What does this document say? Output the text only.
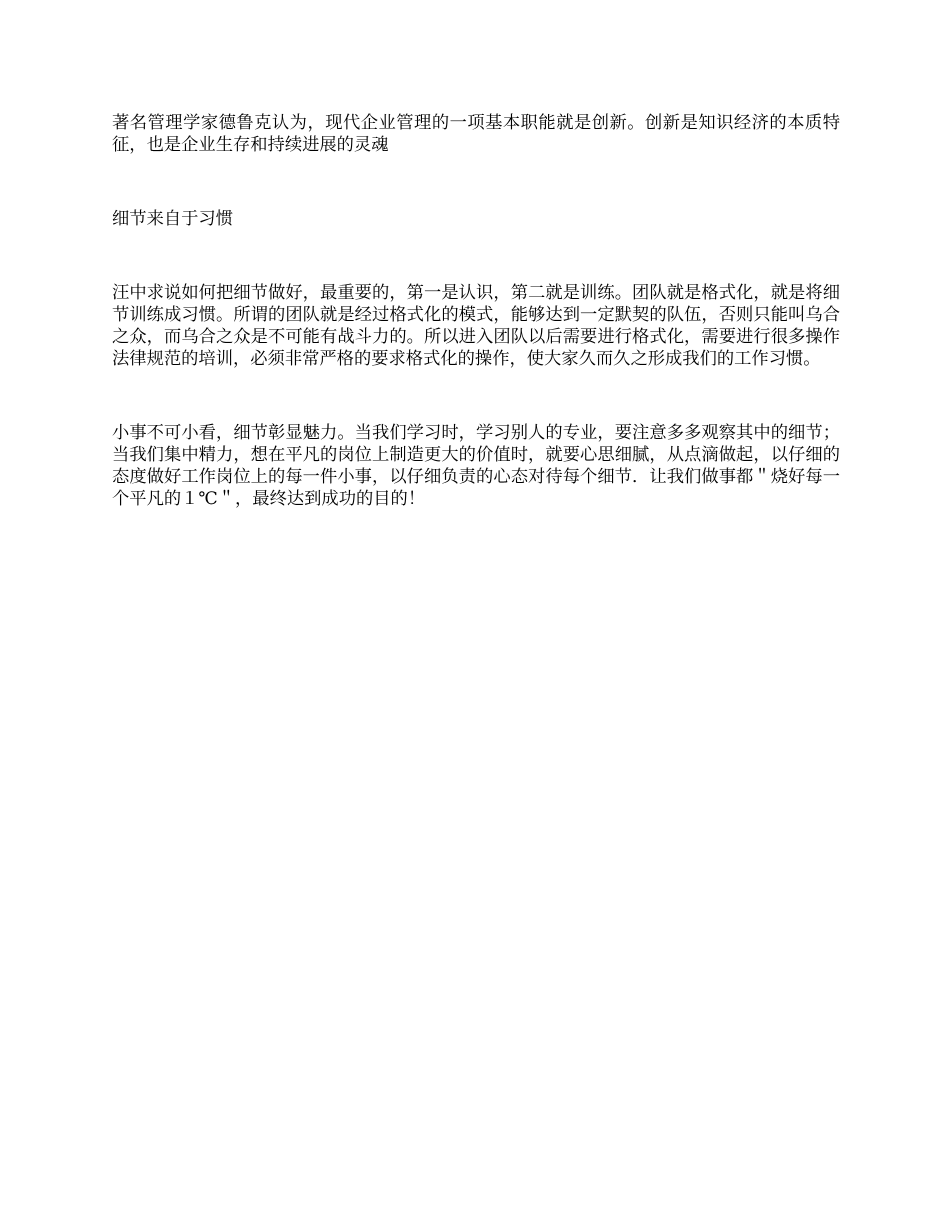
著名管理学家德鲁克认为，现代企业管理的一项基本职能就是创新。创新是知识经济的本质特征，也是企业生存和持续进展的灵魂

细节来自于习惯

汪中求说如何把细节做好，最重要的，第一是认识，第二就是训练。团队就是格式化，就是将细节训练成习惯。所谓的团队就是经过格式化的模式，能够达到一定默契的队伍，否则只能叫乌合之众，而乌合之众是不可能有战斗力的。所以进入团队以后需要进行格式化，需要进行很多操作法律规范的培训，必须非常严格的要求格式化的操作，使大家久而久之形成我们的工作习惯。

小事不可小看，细节彰显魅力。当我们学习时，学习别人的专业，要注意多多观察其中的细节；当我们集中精力，想在平凡的岗位上制造更大的价值时，就要心思细腻，从点滴做起，以仔细的态度做好工作岗位上的每一件小事，以仔细负责的心态对待每个细节．让我们做事都＂烧好每一个平凡的１℃＂，最终达到成功的目的！
